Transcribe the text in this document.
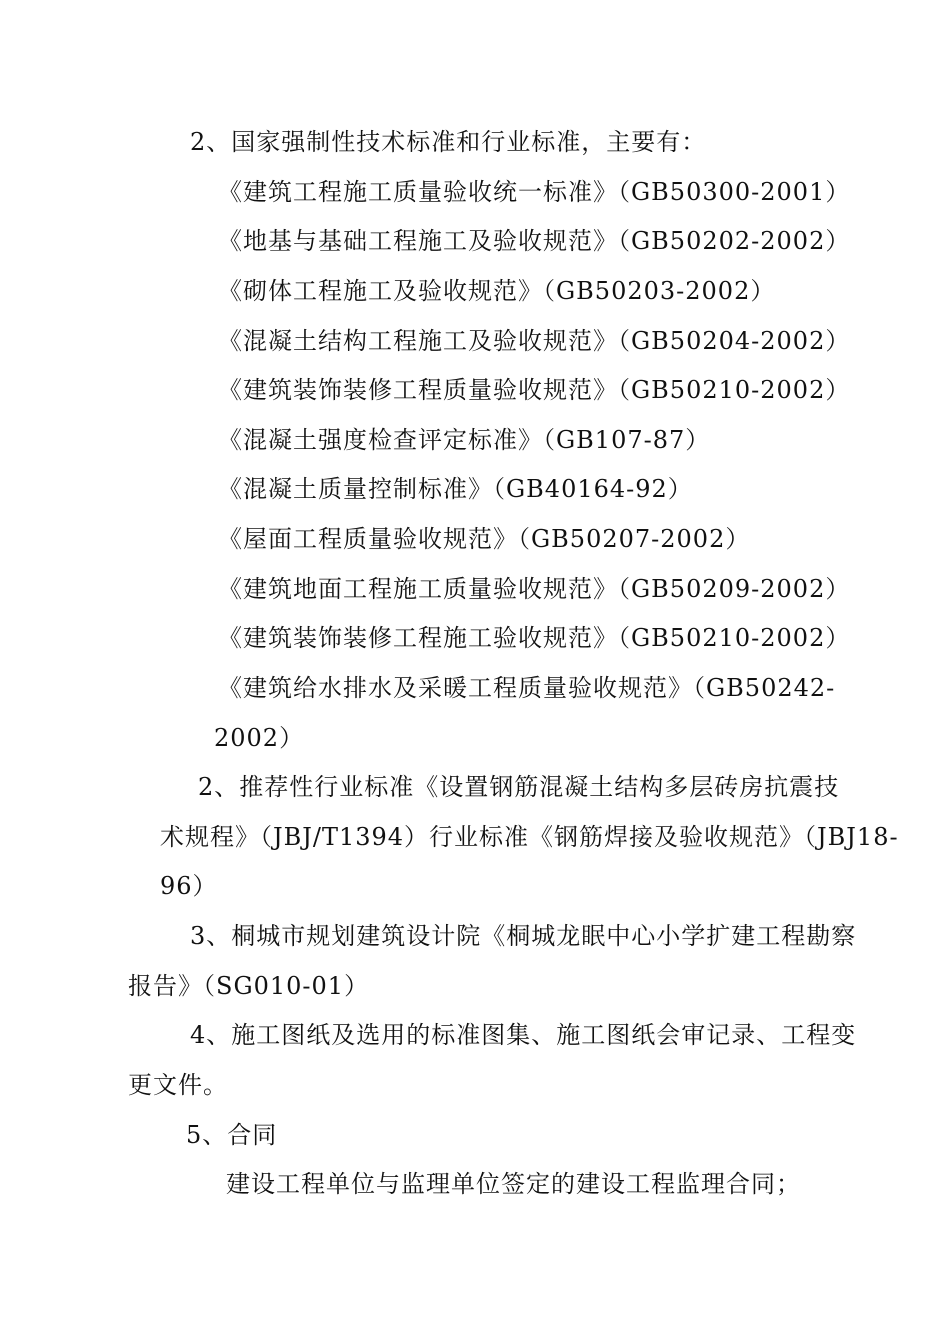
2、国家强制性技术标准和行业标准，主要有：
《建筑工程施工质量验收统一标准》（GB50300-2001）
《地基与基础工程施工及验收规范》（GB50202-2002）
《砌体工程施工及验收规范》（GB50203-2002）
《混凝土结构工程施工及验收规范》（GB50204-2002）
《建筑装饰装修工程质量验收规范》（GB50210-2002）
《混凝土强度检查评定标准》（GB107-87）
《混凝土质量控制标准》（GB40164-92）
《屋面工程质量验收规范》（GB50207-2002）
《建筑地面工程施工质量验收规范》（GB50209-2002）
《建筑装饰装修工程施工验收规范》（GB50210-2002）
《建筑给水排水及采暖工程质量验收规范》（GB50242-
2002）
2、推荐性行业标准《设置钢筋混凝土结构多层砖房抗震技
术规程》（JBJ/T1394）行业标准《钢筋焊接及验收规范》（JBJ18-
96）
3、桐城市规划建筑设计院《桐城龙眠中心小学扩建工程勘察
报告》（SG010-01）
4、施工图纸及选用的标准图集、施工图纸会审记录、工程变
更文件。
5、合同
建设工程单位与监理单位签定的建设工程监理合同；
